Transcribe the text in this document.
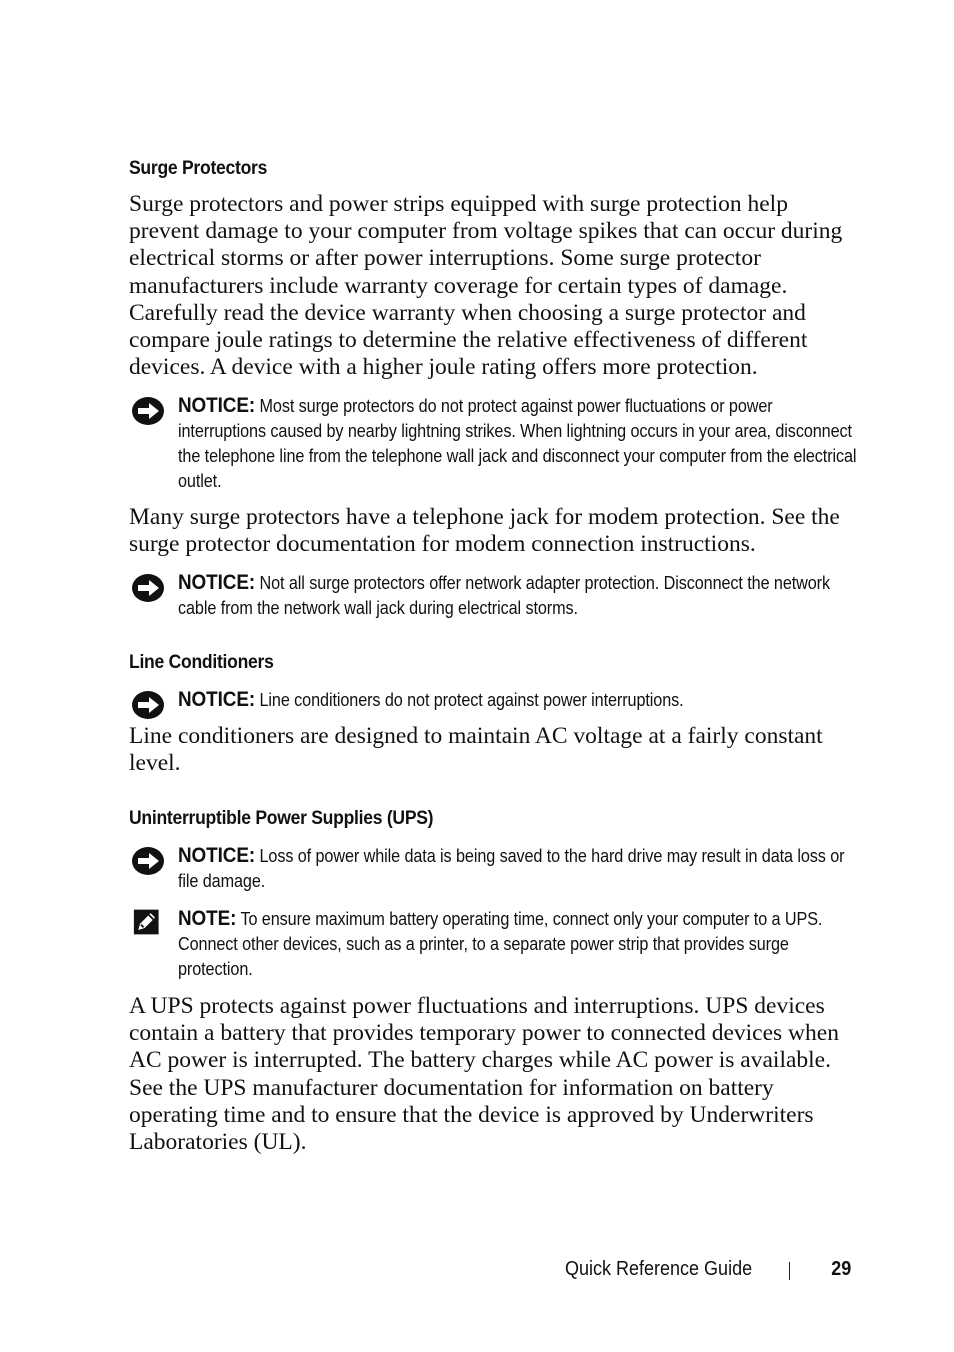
Surge Protectors
Surge protectors and power strips equipped with surge protection help prevent damage to your computer from voltage spikes that can occur during electrical storms or after power interruptions. Some surge protector manufacturers include warranty coverage for certain types of damage. Carefully read the device warranty when choosing a surge protector and compare joule ratings to determine the relative effectiveness of different devices. A device with a higher joule rating offers more protection.
NOTICE: Most surge protectors do not protect against power fluctuations or power interruptions caused by nearby lightning strikes. When lightning occurs in your area, disconnect the telephone line from the telephone wall jack and disconnect your computer from the electrical outlet.
Many surge protectors have a telephone jack for modem protection. See the surge protector documentation for modem connection instructions.
NOTICE: Not all surge protectors offer network adapter protection. Disconnect the network cable from the network wall jack during electrical storms.
Line Conditioners
NOTICE: Line conditioners do not protect against power interruptions.
Line conditioners are designed to maintain AC voltage at a fairly constant level.
Uninterruptible Power Supplies (UPS)
NOTICE: Loss of power while data is being saved to the hard drive may result in data loss or file damage.
NOTE: To ensure maximum battery operating time, connect only your computer to a UPS. Connect other devices, such as a printer, to a separate power strip that provides surge protection.
A UPS protects against power fluctuations and interruptions. UPS devices contain a battery that provides temporary power to connected devices when AC power is interrupted. The battery charges while AC power is available. See the UPS manufacturer documentation for information on battery operating time and to ensure that the device is approved by Underwriters Laboratories (UL).
Quick Reference Guide	29
